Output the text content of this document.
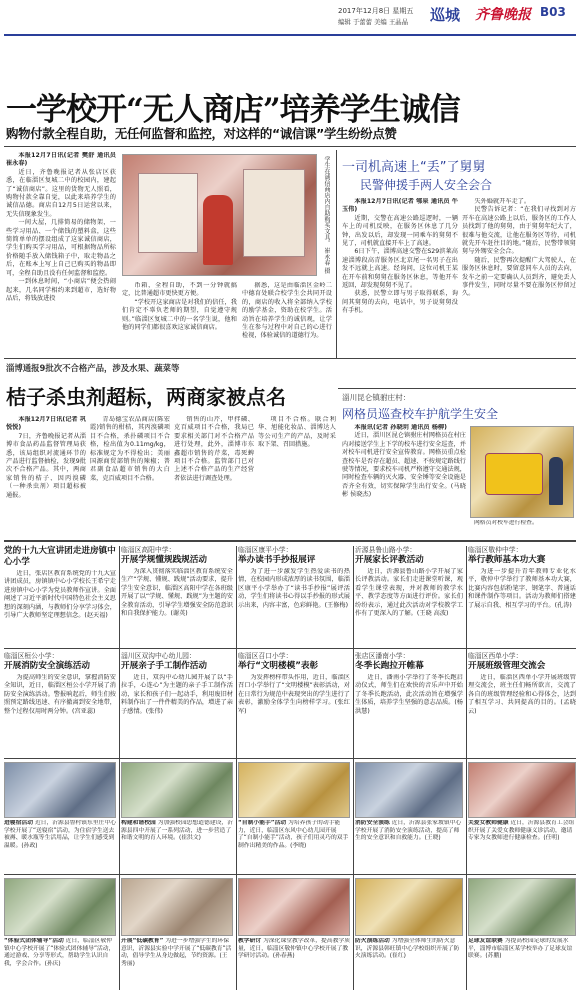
2017年12月8日 星期五
编辑 于蕾蕾 美编 王晶晶 巡城 齐鲁晚报 B03
一学校开“无人商店”培养学生诚信
购物付款全程自助，无任何监督和监控，对这样的“诚信课”学生纷纷点赞

本报12月7日讯(记者 樊舒 通讯员 崔永春)

近日，齐鲁晚报记者从张店区获悉，在临淄区复城二中的校园内，建起了“诚信商店”。这里的货物无人照看，购物付款全靠自觉，以此来培养学生的诚信品德。商店自12月5日运营以来，无失信现象发生。

一间大屋，几排简易的储物架，一些学习用品、一个储钱的塑料盒，这些简简单单的摆设组成了这家诚信商店，学生们购买学习用品，可根据物品所标价格随手放入储钱箱子中，取走物品之后，在账本上写上自己已购买的物品即可，全程自助且没有任何监督和监控。

一到休息时间，“小商店”便会热闹起来，几名同学相约来到超市，选好物品后，将钱放进投

学生在诚信商店内自助购买文具。 崔永春 摄

币箱，全程自助，不到一分钟就搞定，比普通超市更快更方便。

“学校开这家商店是对我们的信任，我们肯定不辜负老师的期望，自觉遵守规则。”临淄区复城二中的一名学生说，他和他的同学们都很喜欢这家诚信商店。

据悉，这是由临淄区金岭二中德育处联合校学生会共同开设的，商店的收入将全部纳入学校的励学基金，资助在校学生。活动旨在培养学生的诚信观，让学生在参与过程中对自己的心进行检视，体验诚信的道德行为。

一司机高速上“丢”了舅舅
民警伸援手两人安全会合

本报12月7日讯(记者 郇泉 通讯员 牛玉伟)

近期，交警在高速公路巡逻时，一辆车上的司机反映，在服务区休息了几分钟，出发以后，却发现一同乘车的舅舅不见了，司机就直接开车上了高速。

6日下午，淄博高速交警在S29滨莱高速淄博段高青服务区北京尾一名男子在出发不远就上高速。经询问，这位司机王某在开车前和舅舅在服务区休息，等他开车返回，却发现舅舅不见了。

获悉，民警立即与男子取得联系，询问其舅舅的去向，电话中，男子说舅舅没有手机。

失外婚就开车走了。

民警告诉记者：“在我们寻找到对方开车在高速公路上以后，服务区的工作人员找到了他的舅舅，由于舅舅年纪大了，很难与他交流，让他在服务区等待，司机就先开车赶往目的地。”随后，民警带领舅舅与外甥安全会合。

随后，民警再次提醒广大驾驶人，在服务区休息时，要留意同车人员的去向，发车之前一定要确认人员到齐，避免丢人事件发生，同时尽量不要在服务区停留过久。

淄博通报9批次不合格产品，涉及水果、蔬菜等
桔子杀虫剂超标，两商家被点名

本报12月7日讯(记者 巩悦悦)

7日，齐鲁晚报记者从淄博市食品药品监督管理局获悉，该局组织对流通环节的产品进行监督抽检，发现9批次不合格产品。其中，两商家销售的桔子、因丙溴磷（一种杀虫剂）项目超标被通报。

青岛德宝农品商店(陈宏霞)销售的柑桔，其丙溴磷项目不合格，杀扑磷项目不合格，检出值为0.11mg/kg，标准规定为不得检出；美丽国源商贸部销售的辣椒；普君副食品超市销售的大白菜，克百威项目不合格。

销售的山芹，甲拌磷、克百威项目不合格，我局已要求相关部门对不合格产品进行处理，此外，淄博市东鑫超市销售的芹菜，毒死蜱项目不合格。监管部门已对上述不合格产品的生产经营者依法进行调查处理。

项目不合格。联合利华、旭能化妆品、淄博达人等公司生产的产品，及时采取下架、召回措施。

淄川昆仑镇驸庄村：
网格员巡查校车护航学生安全

本报讯(记者 孙晓玥 通讯员 杨柳)

近日，淄川区昆仑镇驸庄村网格员在村庄内对接送学生上下学的校车进行安全巡查，并对校车司机进行安全宣传教育。网格员重点检查校车是否存在超员、超速、不按规定路线行驶等情况，要求校车司机严格遵守交通法规，同时检查车辆的灭火器、安全锤等安全设施是否齐全有效，切实保障学生出行安全。(马晓彬 侯晓杰)

网格员对校车进行检查。
党的十九大宣讲团走进房镇中心小学
近日，张店区教育系统党的十九大宣讲团成员，房镇镇中心小学校长王希宁走进房镇中心小学为党员教师作宣讲。全面阐述了习近平新时代中国特色社会主义思想的深刻内涵，与教师们分享学习体会，引导广大教师坚定理想信念。(赵天福)
临淄区高阳中学：
开展学规懂规践规活动
为深入贯彻落实临淄区教育系统安全生产“学规、懂规、践规”活动要求，提升学生安全意识，临淄区高阳中学在各班级开展了以“学规、懂规、践规”为主题的安全教育活动，引导学生增强安全防范意识和自我保护能力。(谢英)
临淄区康平小学：
举办读书手抄报展评
为了进一步激发学生热爱读书的热情，在校园内形成浓厚的读书氛围，临淄区康平小学举办了“读书手抄报”展评活动，学生们将读书心得以手抄报的形式展示出来，内容丰富，色彩鲜艳。(王修梅)
沂源县鲁山路小学：
开展家长评教活动
近日，沂源县鲁山路小学开展了家长评教活动。家长们走进课堂听课，观看学生课堂表现，并对教师的教学水平、教学态度等方面进行评价。家长们纷纷表示，通过此次活动对学校教学工作有了更深入的了解。(王晓 高波)
临淄区敬仲中学：
举行教师基本功大赛
为进一步提升青年教师专业化水平，敬仲中学举行了教师基本功大赛，比赛内容包括粉笔字、钢笔字、普通话和课件制作等项目。活动为教师们搭建了展示自我、相互学习的平台。(孔涛)
临淄区桓公小学：
开展消防安全演练活动
为提高师生的安全意识，掌握消防安全知识，近日，临淄区桓公小学开展了消防安全演练活动。警报响起后，师生们按照预定路线迅速、有序撤离到安全地带，整个过程仅用时两分钟。(宫亚蕊)
淄川区双沟中心幼儿园：
开展亲子手工制作活动
近日，双沟中心幼儿园开展了以“手拉手，心连心”为主题的亲子手工制作活动，家长和孩子们一起动手，利用废旧材料制作出了一件件精美的作品，增进了亲子感情。(张伟)
临淄区召口小学：
举行“文明楼模”表彰
为发挥榜样带头作用，近日，临淄区召口小学举行了“文明楼模”表彰活动，对在日常行为规范中表现突出的学生进行了表彰，激励全体学生向榜样学习。(张红军)
张店区潘南小学：
冬季长跑拉开帷幕
近日，潘南小学举行了冬季长跑启动仪式，师生们在欢快的音乐声中开始了冬季长跑活动，此次活动旨在增强学生体质，培养学生坚强的意志品质。(杨洪慧)
临淄区西单小学：
开展班级管理交流会
近日，临淄区西单小学开展班级管理交流会，班主任们畅所欲言，交流了各自的班级管理经验和心得体会，达到了相互学习、共同提高的目的。(孟晓云)
进寝宿活动 近日，沂源县鲁村镇东里庄中心学校开展了“送寝宿”活动，为住宿学生送去被褥、暖水瓶等生活用品，让学生们感受到温暖。(孙政)
构建和谐校园 为加强校园思想道德建设，沂源县四中开展了一系列活动，进一步营造了和谐文明的育人环境。(崔洪文)
“自制小能手”活动 为培养孩子的动手能力，近日，临淄区东风中心幼儿园开展了“自制小能手”活动，孩子们用灵巧的双手制作出精美的作品。(李晓)
消防安全演练 近日，沂源县张家坡镇中心学校开展了消防安全演练活动，提高了师生的安全意识和自救能力。(王晓)
关爱女教师健康 近日，沂源县教育工会组织开展了关爱女教师健康义诊活动，邀请专家为女教师进行健康检查。(任明)
“体验式团体辅导”活动 近日，临淄区敬仲镇中心学校开展了“体验式团体辅导”活动，通过游戏、分享等形式，帮助学生认识自我，学会合作。(孙庆)
开展“低碳教育” 为进一步增强学生的环保意识，沂源县实验中学开展了“低碳教育”活动，倡导学生从身边做起，节约资源。(王秀丽)
教学研讨 为深化课堂教学改革，提高教学质量，近日，临淄区敬仲镇中心学校开展了教学研讨活动。(孙春燕)
防火演练活动 为增强全体师生的防火意识，沂源县韩旺镇中心学校组织开展了防火演练活动。(崔红)
足球友谊联赛 为提高校园足球的发展水平，淄博市临淄区某学校举办了足球友谊联赛。(苏鹏)
